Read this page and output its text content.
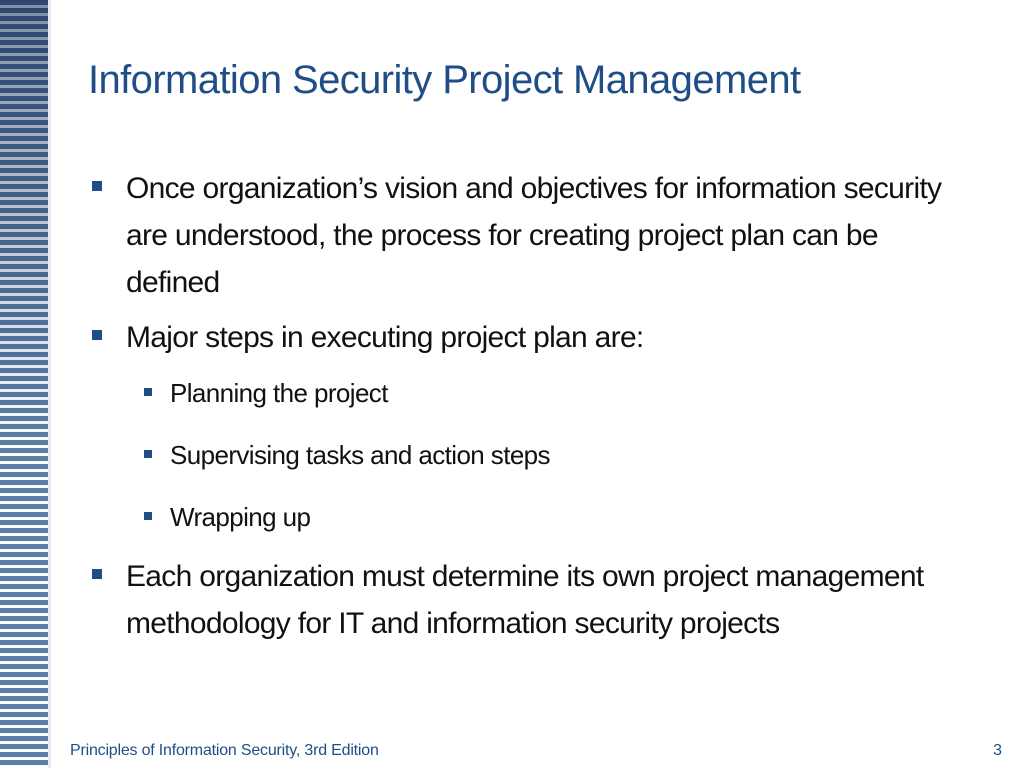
Information Security Project Management
Once organization’s vision and objectives for information security are understood, the process for creating project plan can be defined
Major steps in executing project plan are:
Planning the project
Supervising tasks and action steps
Wrapping up
Each organization must determine its own project management methodology for IT and information security projects
Principles of Information Security, 3rd Edition	3
